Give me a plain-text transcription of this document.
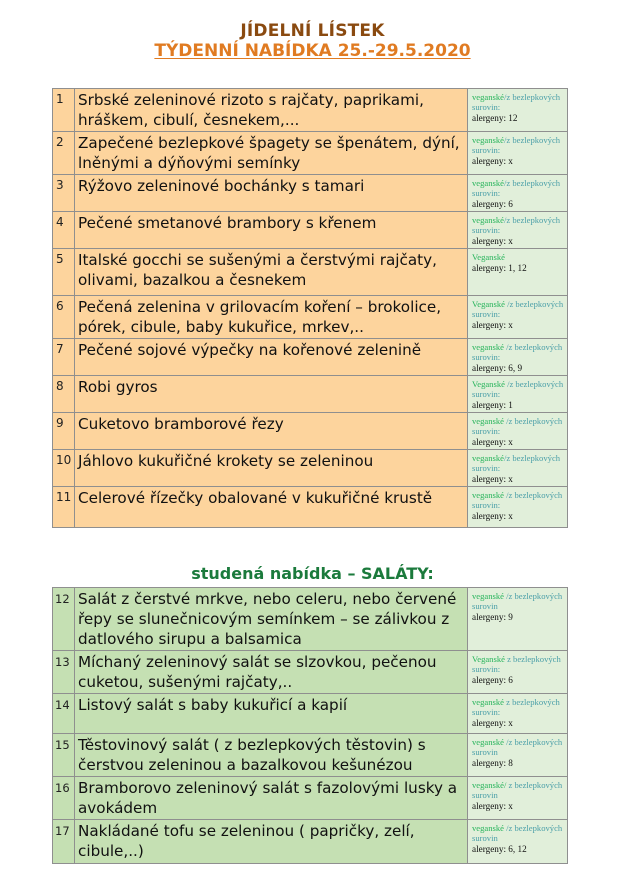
JÍDELNÍ LÍSTEK
TÝDENNÍ NABÍDKA 25.-29.5.2020
1	Srbské zeleninové rizoto s rajčaty, paprikami, hráškem, cibulí, česnekem,...	veganské/z bezlepkových surovin:
alergeny: 12

2	Zapečené bezlepkové špagety se špenátem, dýní, lněnými a dýňovými semínky	veganské/z bezlepkových surovin:
alergeny: x

3	Rýžovo zeleninové bochánky s tamari	veganské/z bezlepkových surovin:
alergeny: 6

4	Pečené smetanové brambory s křenem	veganské/z bezlepkových surovin:
alergeny: x

5	Italské gocchi se sušenými a čerstvými rajčaty, olivami, bazalkou a česnekem	Veganské
alergeny: 1, 12

6	Pečená zelenina v grilovacím koření – brokolice, pórek, cibule, baby kukuřice, mrkev,..	Veganské /z bezlepkových surovin:
alergeny: x

7	Pečené sojové výpečky na kořenové zelenině	veganské /z bezlepkových surovin:
alergeny: 6, 9

8	Robi gyros	Veganské /z bezlepkových surovin:
alergeny: 1

9	Cuketovo bramborové řezy	veganské /z bezlepkových surovin:
alergeny: x

10	Jáhlovo kukuřičné krokety se zeleninou	veganské/z bezlepkových surovin:
alergeny: x

11	Celerové řízečky obalované v kukuřičné krustě	veganské /z bezlepkových surovin:
alergeny: x
studená nabídka – SALÁTY:
12	Salát z čerstvé mrkve, nebo celeru, nebo červené řepy se slunečnicovým semínkem – se zálivkou z datlového sirupu a balsamica	veganské /z bezlepkových surovin
alergeny: 9

13	Míchaný zeleninový salát se slzovkou, pečenou cuketou, sušenými rajčaty,..	Veganské z bezlepkových surovin:
alergeny: 6

14	Listový salát s baby kukuřicí a kapií	veganské z bezlepkových surovin:
alergeny: x

15	Těstovinový salát ( z bezlepkových těstovin) s čerstvou zeleninou a bazalkovou kešunézou	veganské /z bezlepkových surovin
alergeny: 8

16	Bramborovo zeleninový salát s fazolovými lusky a avokádem	veganské/ z bezlepkových surovin
alergeny: x

17	Nakládané tofu se zeleninou ( papričky, zelí, cibule,..)	veganské /z bezlepkových surovin
alergeny: 6, 12
